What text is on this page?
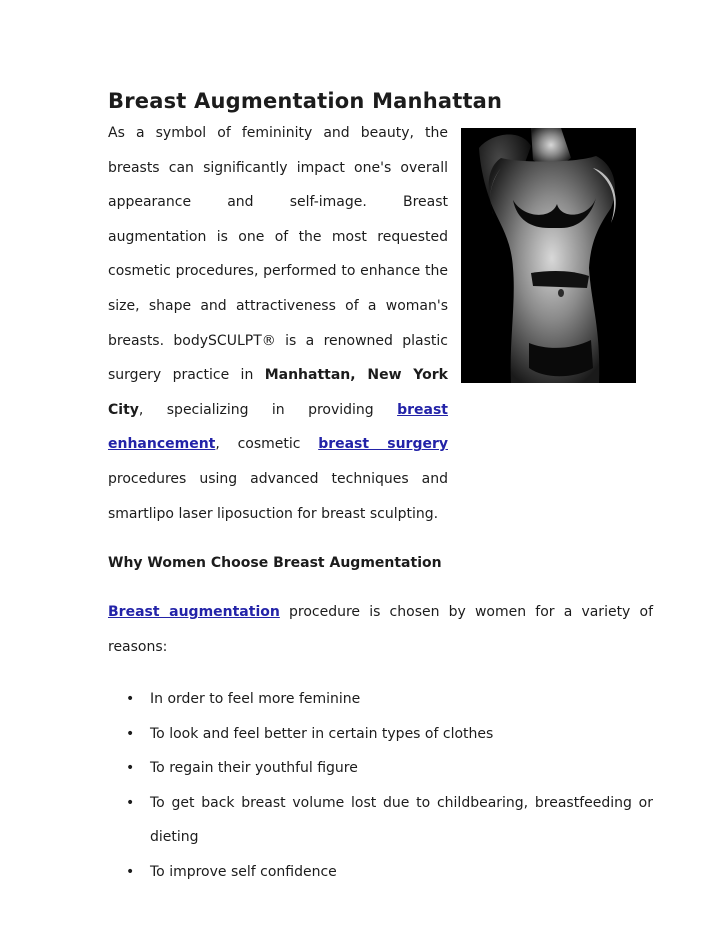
Breast Augmentation Manhattan

As a symbol of femininity and beauty, the breasts can significantly impact one's overall appearance and self-image. Breast augmentation is one of the most requested cosmetic procedures, performed to enhance the size, shape and attractiveness of a woman's breasts. bodySCULPT® is a renowned plastic surgery practice in Manhattan, New York City, specializing in providing breast enhancement, cosmetic breast surgery procedures using advanced techniques and smartlipo laser liposuction for breast sculpting.

Why Women Choose Breast Augmentation

Breast augmentation procedure is chosen by women for a variety of reasons:

• In order to feel more feminine
• To look and feel better in certain types of clothes
• To regain their youthful figure
• To get back breast volume lost due to childbearing, breastfeeding or dieting
• To improve self confidence
